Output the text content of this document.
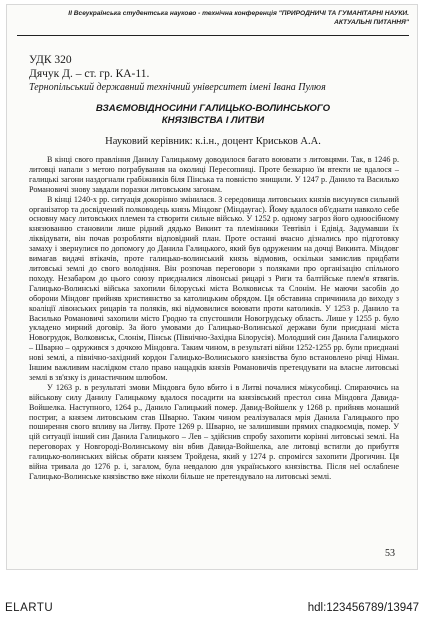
II Всеукраїнська студентська науково - технічна конференція "ПРИРОДНИЧІ ТА ГУМАНІТАРНІ НАУКИ.
АКТУАЛЬНІ ПИТАННЯ"
УДК 320
Дячук Д. – ст. гр. КА-11.
Тернопільський державний технічний університет імені Івана Пулюя
ВЗАЄМОВІДНОСИНИ ГАЛИЦЬКО-ВОЛИНСЬКОГО
КНЯЗІВСТВА І ЛИТВИ
Науковий керівник: к.і.н., доцент Криськов А.А.

В кінці свого правління Данилу Галицькому доводилося багато воювати з литовцями. Так, в 1246 р. литовці напали з метою пограбування на околиці Пересопниці. Проте безкарно їм втекти не вдалося – галицькі загони наздогнали грабіжників біля Пінська та повністю знищили. У 1247 р. Данило та Василько Романовичі знову завдали поразки литовським загонам.

В кінці 1240-х рр. ситуація докорінно змінилася. З середовища литовських князів висунувся сильний організатор та досвідчений полководець князь Міндовг (Міндаугас). Йому вдалося об'єднати навколо себе основну масу литовських племен та створити сильне військо. У 1252 р. одному загроз його одноосібному князюванню становили лише рідний дядько Викинт та племінники Тевтівіл і Едівід. Задумавши їх ліквідувати, він почав розробляти відповідний план. Проте останні вчасно дізнались про підготовку замаху і звернулися по допомогу до Данила Галицького, який був одруженим на дочці Викинта. Міндовг вимагав видачі втікачів, проте галицько-волинський князь відмовив, оскільки замислив придбати литовські землі до свого володіння. Він розпочав переговори з поляками про організацію спільного походу. Незабаром до цього союзу приєдналися лівонські рицарі з Риги та балтійське плем'я ятвягів. Галицько-Волинські війська захопили білоруські міста Волковиськ та Слонім. Не маючи засобів до оборони Міндовг прийняв християнство за католицьким обрядом. Ця обставина спричинила до виходу з коаліції лівонських рицарів та поляків, які відмовилися воювати проти католиків. У 1253 р. Данило та Василько Романовичі захопили місто Гродно та спустошили Новогрудську область. Лише у 1255 р. було укладено мирний договір. За його умовами до Галицько-Волинської держави були приєднані міста Новогрудок, Волковиськ, Слонім, Пінськ (Північно-Західна Білорусія). Молодший син Данила Галицького – Шварно – одружився з дочкою Міндовга. Таким чином, в результаті війни 1252-1255 рр. були приєднані нові землі, а північно-західний кордон Галицько-Волинського князівства було встановлено річці Німан. Іншим важливим наслідком стало право нащадків князів Романовичів претендувати на власне литовські землі в зв'язку із династичним шлюбом.

У 1263 р. в результаті змови Міндовга було вбито і в Литві почалися міжусобиці. Спираючись на військову силу Данилу Галицькому вдалося посадити на князівський престол сина Міндовга Давида-Войшелка. Наступного, 1264 р., Данило Галицький помер. Давид-Войшелк у 1268 р. прийняв монаший постриг, а князем литовським став Шварно. Таким чином реалізувалася мрія Данила Галицького про поширення свого впливу на Литву. Проте 1269 р. Шварно, не залишивши прямих спадкоємців, помер. У цій ситуації інший син Данила Галицького – Лев – здійснив спробу захопити корінні литовські землі. На переговорах у Новгороді-Волинському він вбив Давида-Войшелка, але литовці встигли до прибуття галицько-волинських військ обрати князем Тройдена, який у 1274 р. спромігся захопити Дрогичин. Ця війна тривала до 1276 р. і, загалом, була невдалою для українського князівства. Після неї ослаблене Галицько-Волинське князівство вже ніколи більше не претендувало на литовські землі.

53
ELARTU	hdl:123456789/13947
